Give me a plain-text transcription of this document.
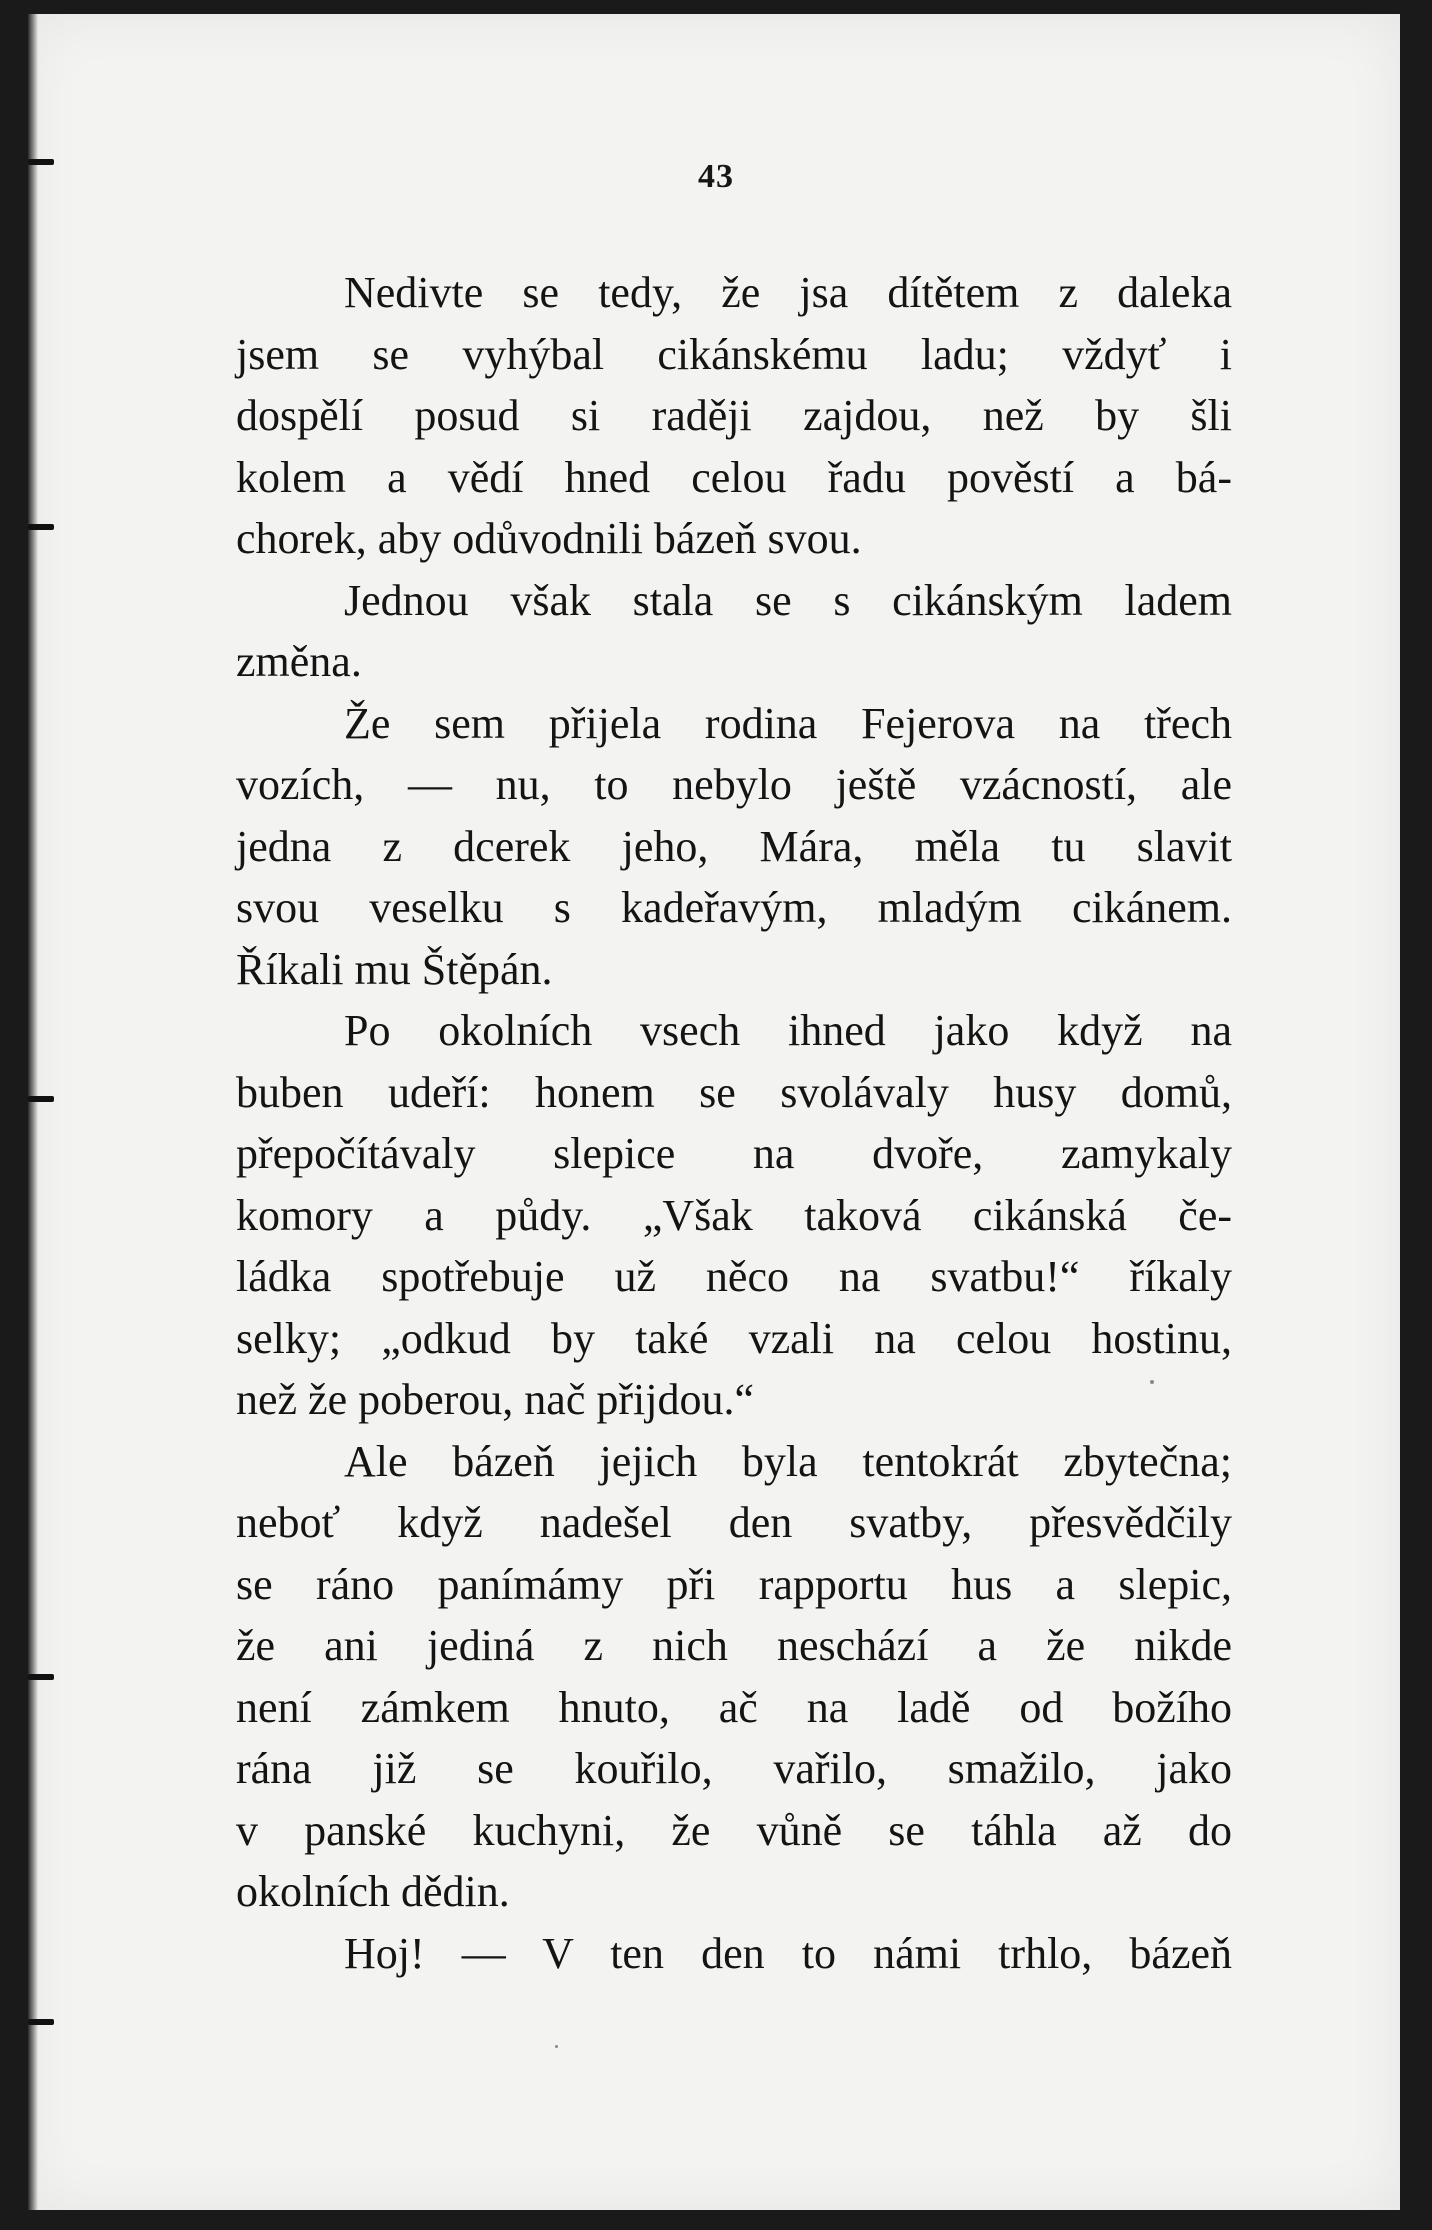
43
Nedivte se tedy, že jsa dítětem z daleka
jsem se vyhýbal cikánskému ladu; vždyť i
dospělí posud si raději zajdou, než by šli
kolem a vědí hned celou řadu pověstí a bá-
chorek, aby odůvodnili bázeň svou.
Jednou však stala se s cikánským ladem
změna.
Že sem přijela rodina Fejerova na třech
vozích, — nu, to nebylo ještě vzácností, ale
jedna z dcerek jeho, Mára, měla tu slavit
svou veselku s kadeřavým, mladým cikánem.
Říkali mu Štěpán.
Po okolních vsech ihned jako když na
buben udeří: honem se svolávaly husy domů,
přepočítávaly slepice na dvoře, zamykaly
komory a půdy. „Však taková cikánská če-
ládka spotřebuje už něco na svatbu!“ říkaly
selky; „odkud by také vzali na celou hostinu,
než že poberou, nač přijdou.“
Ale bázeň jejich byla tentokrát zbytečna;
neboť když nadešel den svatby, přesvědčily
se ráno panímámy při rapportu hus a slepic,
že ani jediná z nich neschází a že nikde
není zámkem hnuto, ač na ladě od božího
rána již se kouřilo, vařilo, smažilo, jako
v panské kuchyni, že vůně se táhla až do
okolních dědin.
Hoj! — V ten den to námi trhlo, bázeň
